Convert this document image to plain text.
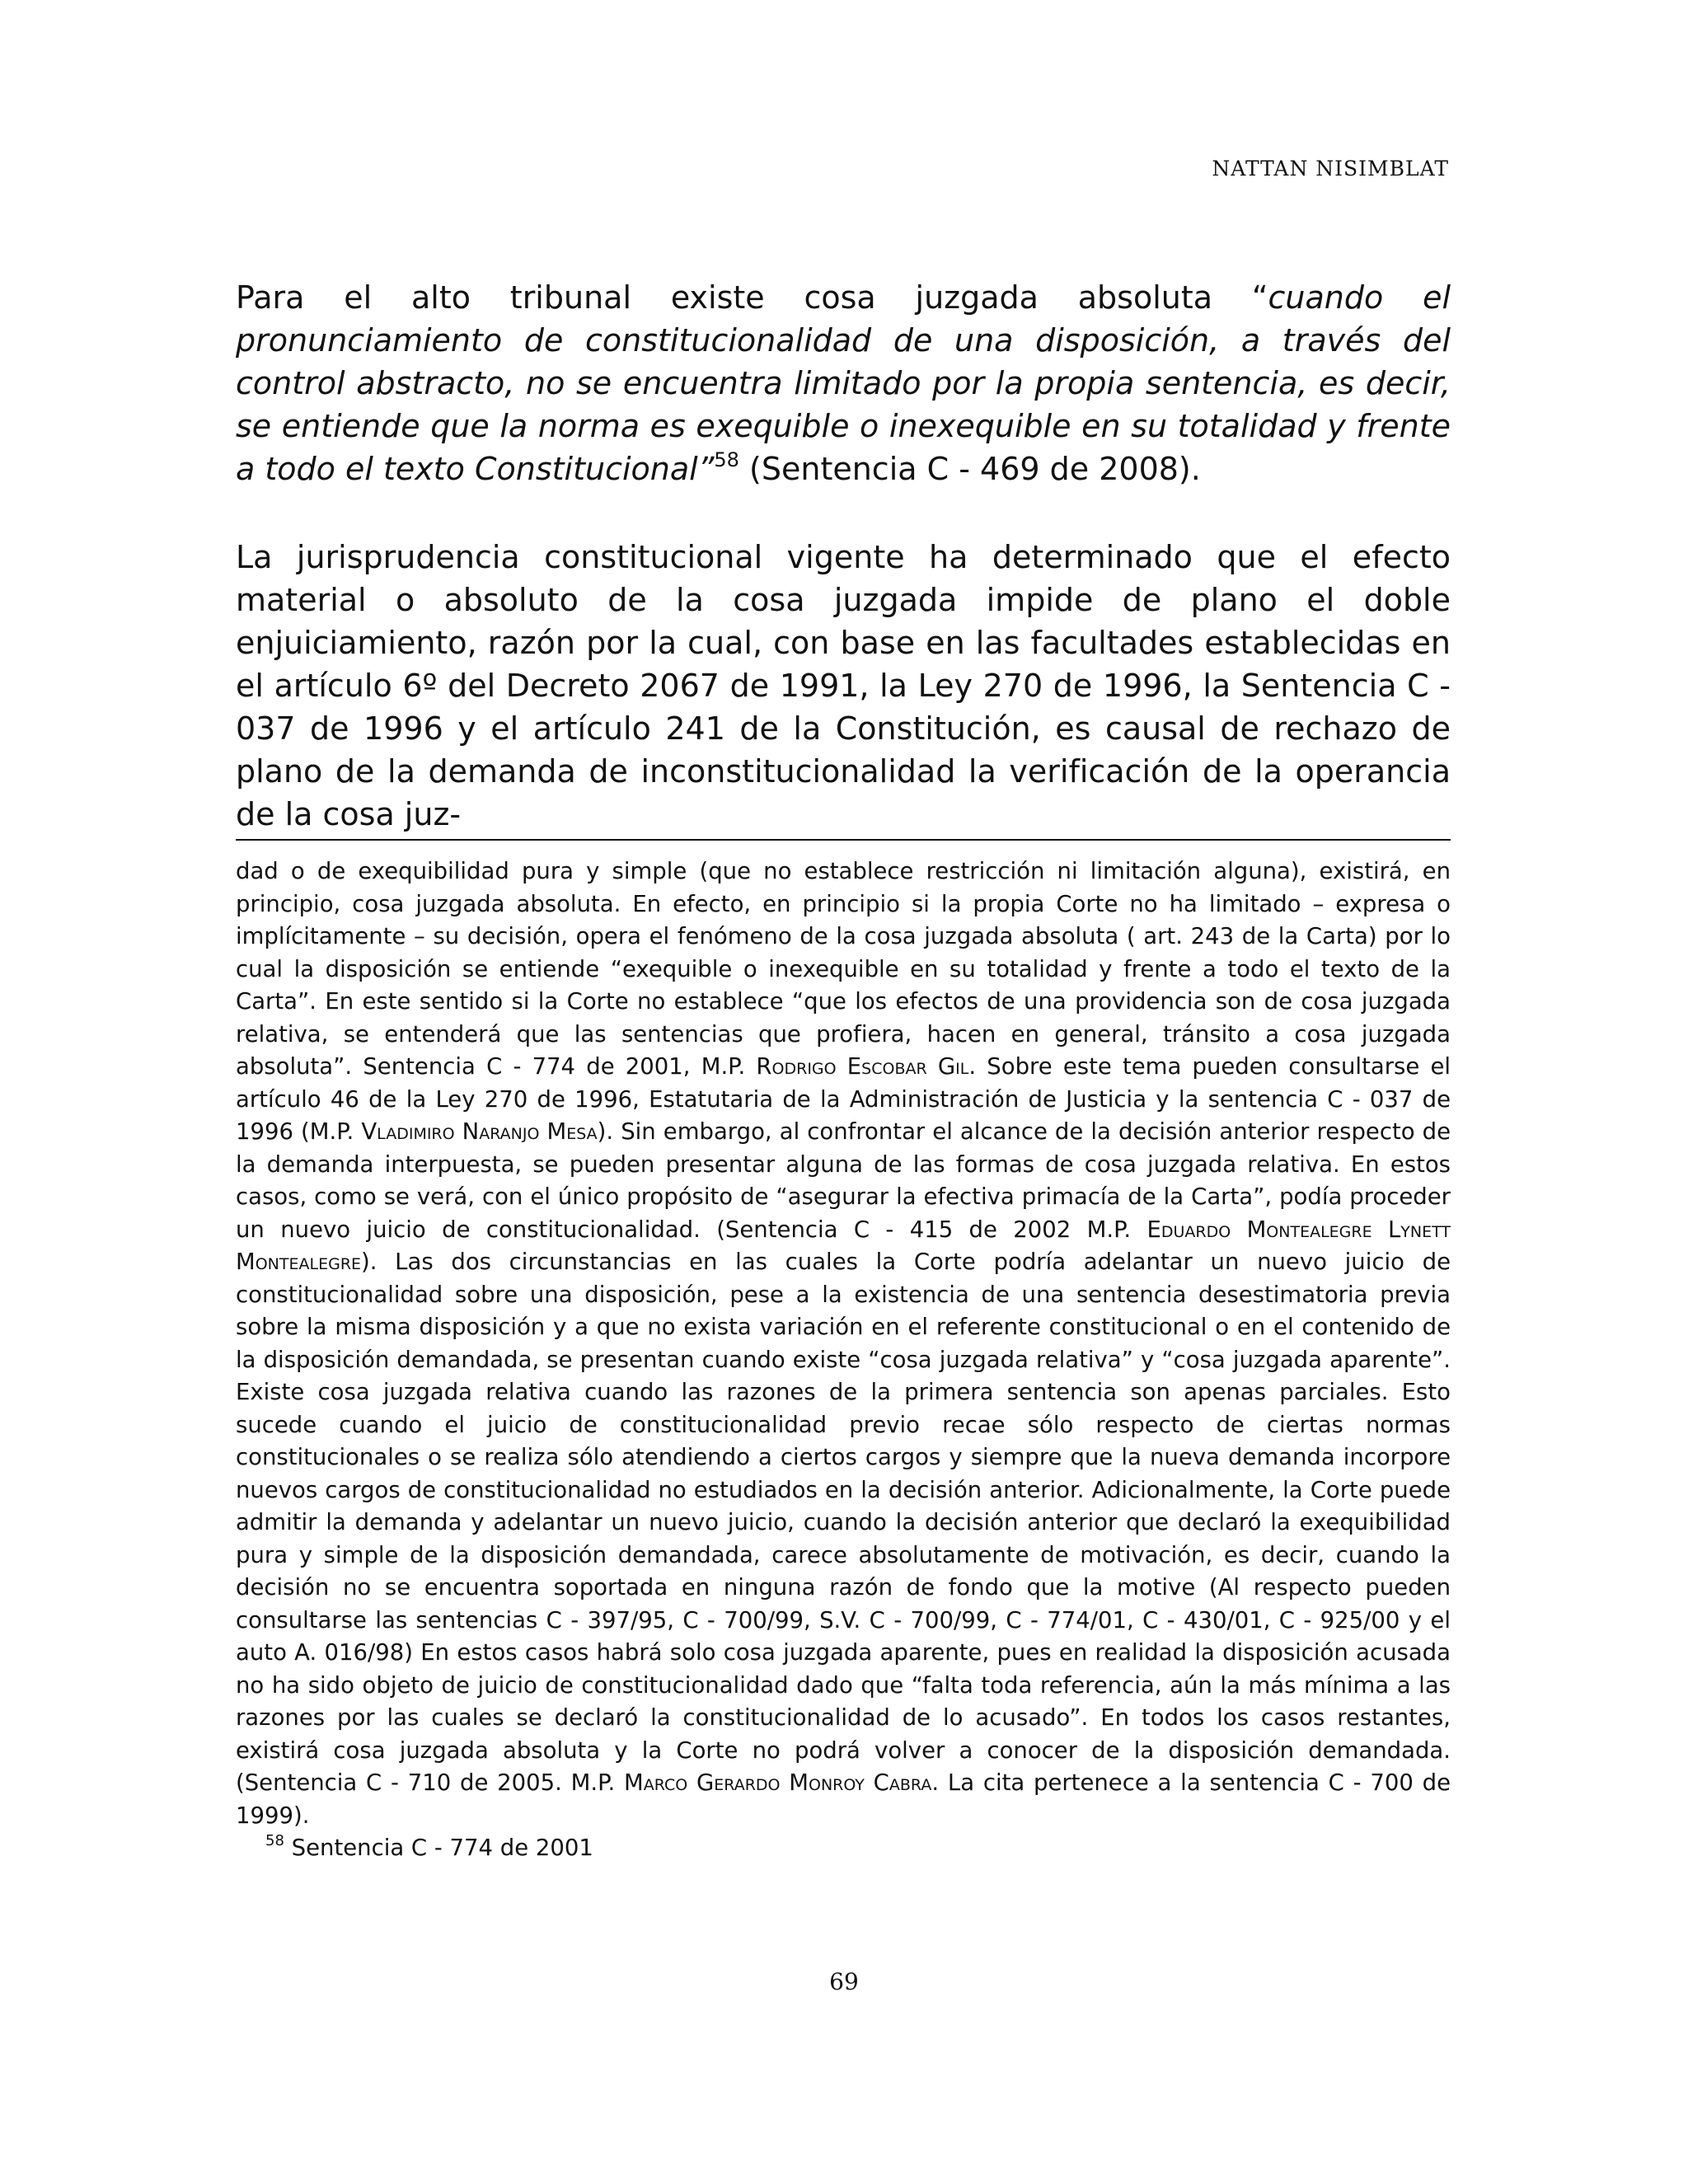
NATTAN NISIMBLAT

Para el alto tribunal existe cosa juzgada absoluta “cuando el pronunciamiento de constitucionalidad de una disposición, a través del control abstracto, no se encuentra limitado por la propia sentencia, es decir, se entiende que la norma es exequible o inexequible en su totalidad y frente a todo el texto Constitucional”$^{58}$ (Sentencia C - 469 de 2008).

La jurisprudencia constitucional vigente ha determinado que el efecto material o absoluto de la cosa juzgada impide de plano el doble enjuiciamiento, razón por la cual, con base en las facultades establecidas en el artículo 6º del Decreto 2067 de 1991, la Ley 270 de 1996, la Sentencia C - 037 de 1996 y el artículo 241 de la Constitución, es causal de rechazo de plano de la demanda de inconstitucionalidad la verificación de la operancia de la cosa juz-

dad o de exequibilidad pura y simple (que no establece restricción ni limitación alguna), existirá, en principio, cosa juzgada absoluta. En efecto, en principio si la propia Corte no ha limitado – expresa o implícitamente – su decisión, opera el fenómeno de la cosa juzgada absoluta ( art. 243 de la Carta) por lo cual la disposición se entiende “exequible o inexequible en su totalidad y frente a todo el texto de la Carta”. En este sentido si la Corte no establece “que los efectos de una providencia son de cosa juzgada relativa, se entenderá que las sentencias que profiera, hacen en general, tránsito a cosa juzgada absoluta”. Sentencia C - 774 de 2001, M.P. Rodrigo Escobar Gil. Sobre este tema pueden consultarse el artículo 46 de la Ley 270 de 1996, Estatutaria de la Administración de Justicia y la sentencia C - 037 de 1996 (M.P. Vladimiro Naranjo Mesa). Sin embargo, al confrontar el alcance de la decisión anterior respecto de la demanda interpuesta, se pueden presentar alguna de las formas de cosa juzgada relativa. En estos casos, como se verá, con el único propósito de “asegurar la efectiva primacía de la Carta”, podía proceder un nuevo juicio de constitucionalidad. (Sentencia C - 415 de 2002 M.P. Eduardo Montealegre Lynett Montealegre). Las dos circunstancias en las cuales la Corte podría adelantar un nuevo juicio de constitucionalidad sobre una disposición, pese a la existencia de una sentencia desestimatoria previa sobre la misma disposición y a que no exista variación en el referente constitucional o en el contenido de la disposición demandada, se presentan cuando existe “cosa juzgada relativa” y “cosa juzgada aparente”. Existe cosa juzgada relativa cuando las razones de la primera sentencia son apenas parciales. Esto sucede cuando el juicio de constitucionalidad previo recae sólo respecto de ciertas normas constitucionales o se realiza sólo atendiendo a ciertos cargos y siempre que la nueva demanda incorpore nuevos cargos de constitucionalidad no estudiados en la decisión anterior. Adicionalmente, la Corte puede admitir la demanda y adelantar un nuevo juicio, cuando la decisión anterior que declaró la exequibilidad pura y simple de la disposición demandada, carece absolutamente de motivación, es decir, cuando la decisión no se encuentra soportada en ninguna razón de fondo que la motive (Al respecto pueden consultarse las sentencias C - 397/95, C - 700/99, S.V. C - 700/99, C - 774/01, C - 430/01, C - 925/00 y el auto A. 016/98) En estos casos habrá solo cosa juzgada aparente, pues en realidad la disposición acusada no ha sido objeto de juicio de constitucionalidad dado que “falta toda referencia, aún la más mínima a las razones por las cuales se declaró la constitucionalidad de lo acusado”. En todos los casos restantes, existirá cosa juzgada absoluta y la Corte no podrá volver a conocer de la disposición demandada. (Sentencia C - 710 de 2005. M.P. Marco Gerardo Monroy Cabra. La cita pertenece a la sentencia C - 700 de 1999).

$^{58}$ Sentencia C - 774 de 2001

69
